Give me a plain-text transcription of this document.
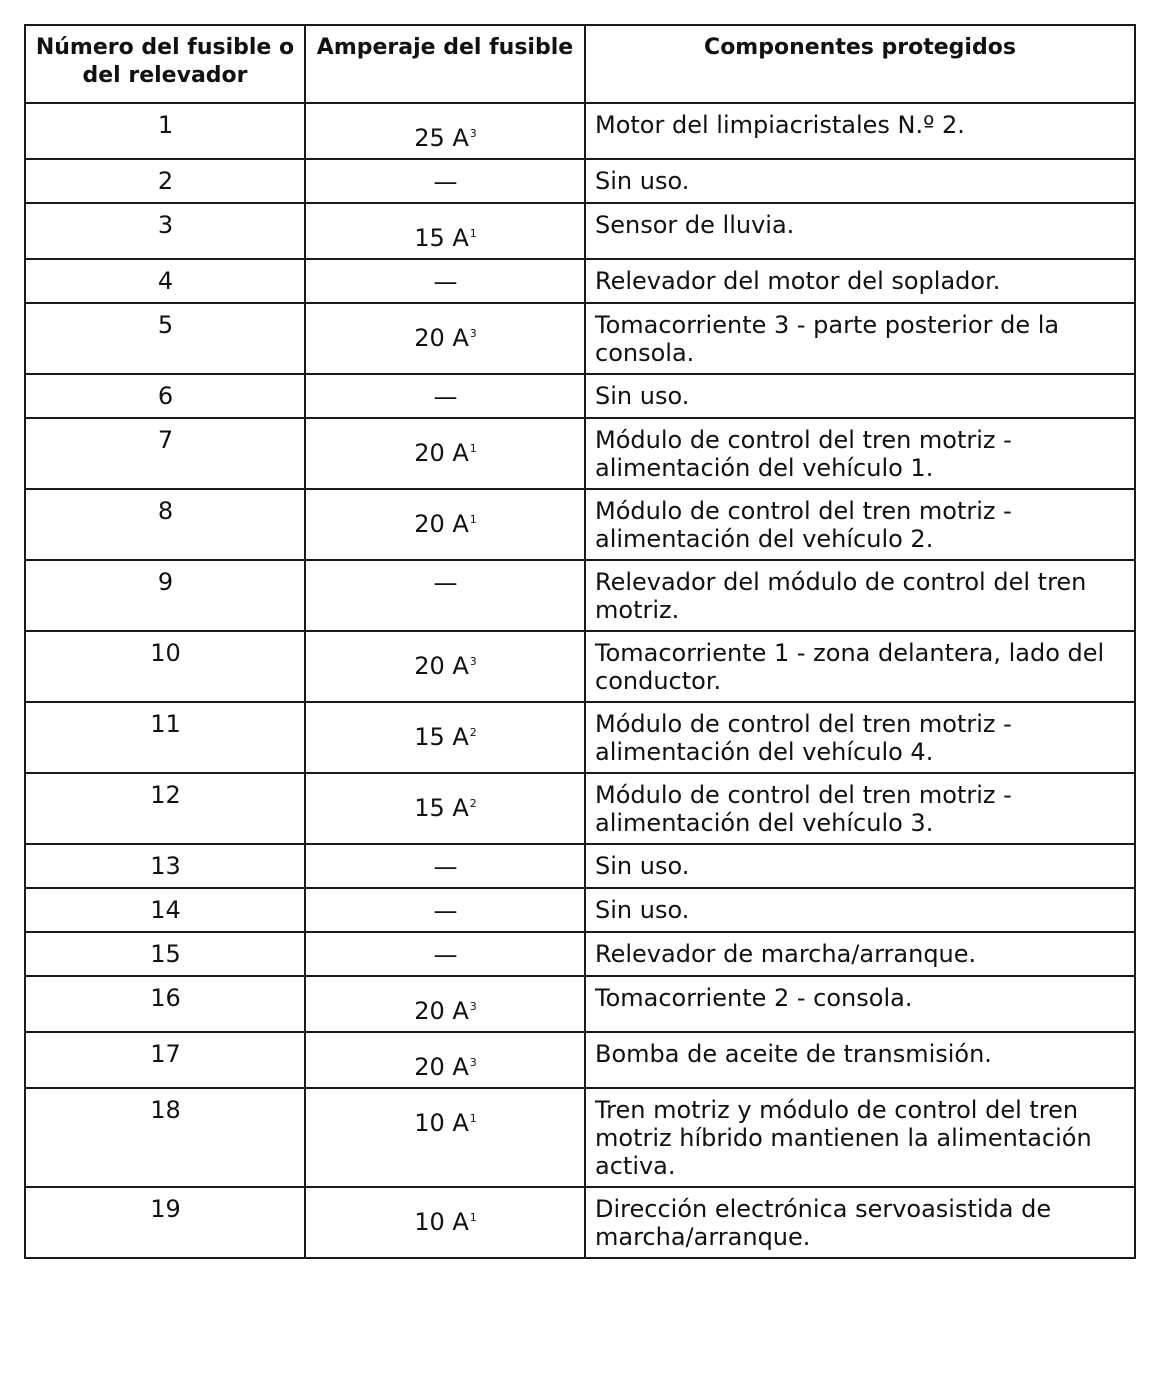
Número del fusible o del relevador	Amperaje del fusible	Componentes protegidos
1	25 $A^3$	Motor del limpiacristales N.º 2.
2	—	Sin uso.
3	15 $A^1$	Sensor de lluvia.
4	—	Relevador del motor del soplador.
5	20 $A^3$	Tomacorriente 3 - parte posterior de la consola.
6	—	Sin uso.
7	20 $A^1$	Módulo de control del tren motriz - alimentación del vehículo 1.
8	20 $A^1$	Módulo de control del tren motriz - alimentación del vehículo 2.
9	—	Relevador del módulo de control del tren motriz.
10	20 $A^3$	Tomacorriente 1 - zona delantera, lado del conductor.
11	15 $A^2$	Módulo de control del tren motriz - alimentación del vehículo 4.
12	15 $A^2$	Módulo de control del tren motriz - alimentación del vehículo 3.
13	—	Sin uso.
14	—	Sin uso.
15	—	Relevador de marcha/arranque.
16	20 $A^3$	Tomacorriente 2 - consola.
17	20 $A^3$	Bomba de aceite de transmisión.
18	10 $A^1$	Tren motriz y módulo de control del tren motriz híbrido mantienen la alimentación activa.
19	10 $A^1$	Dirección electrónica servoasistida de marcha/arranque.
